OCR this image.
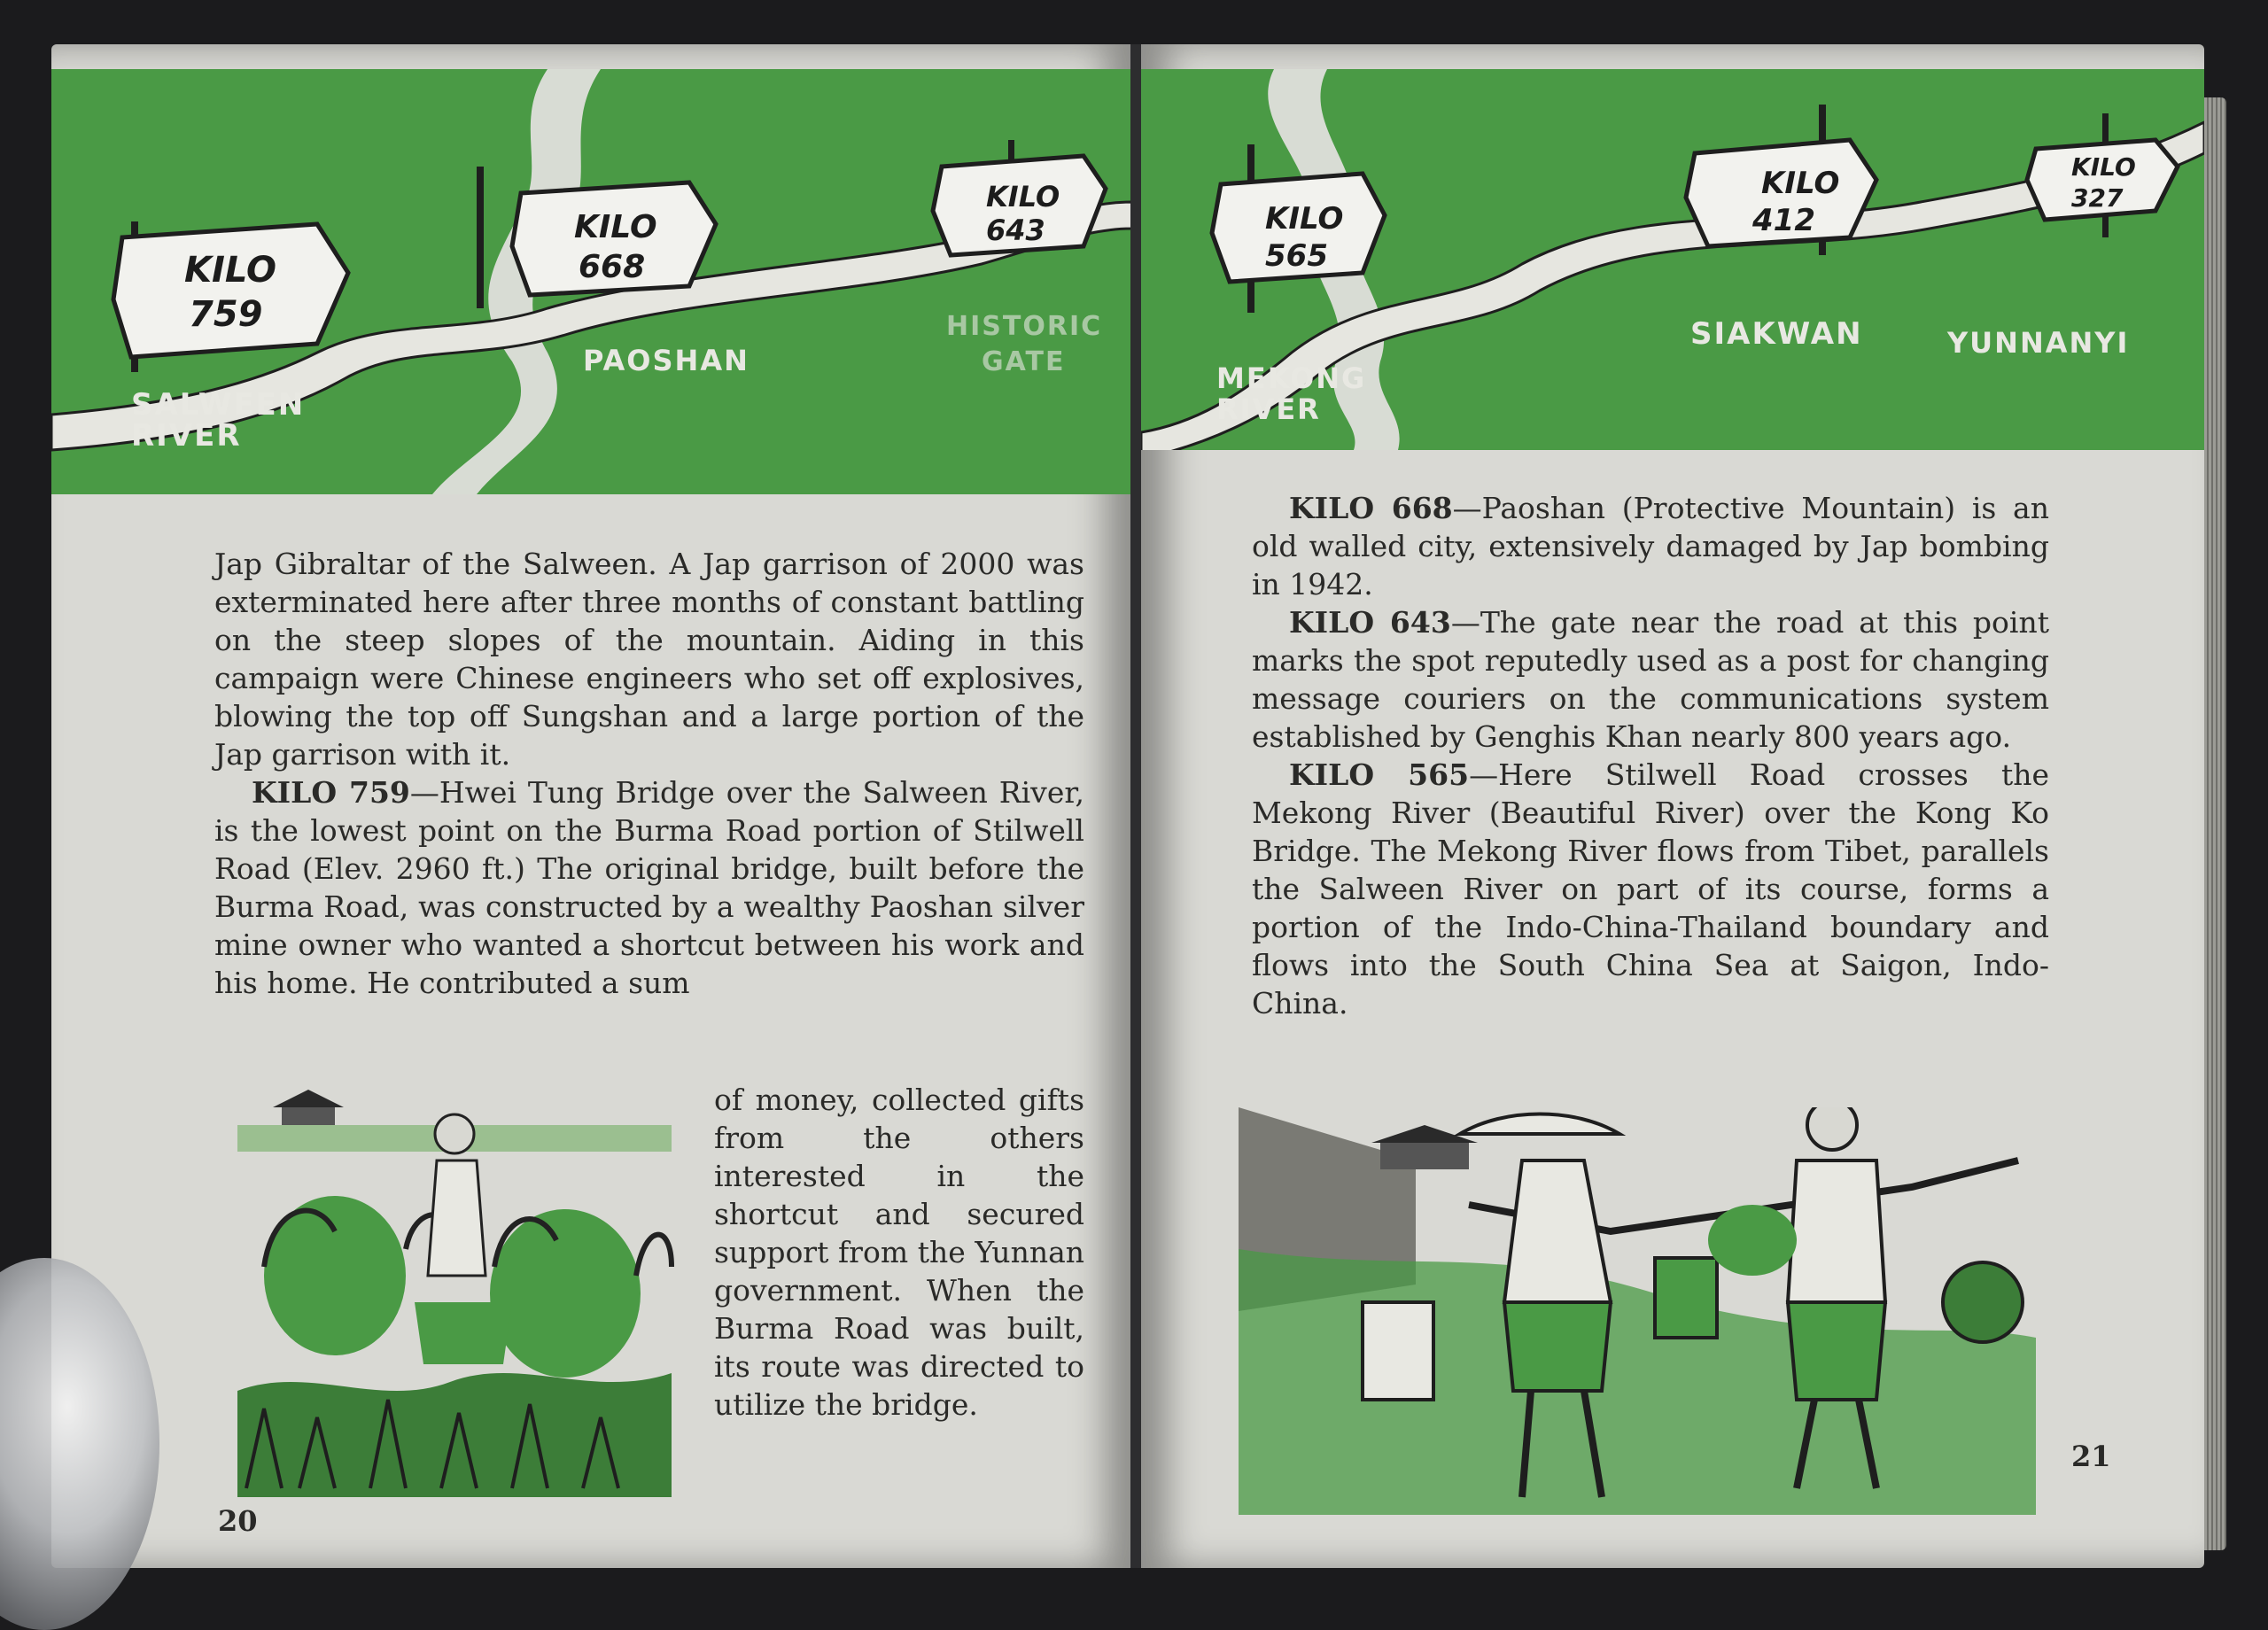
KILO
759
KILO
668
KILO
643
SALWEEN
RIVER
PAOSHAN
HISTORIC
GATE

Jap Gibraltar of the Salween. A Jap garrison of 2000 was exterminated here after three months of constant battling on the steep slopes of the mountain. Aiding in this campaign were Chinese engineers who set off explosives, blowing the top off Sungshan and a large portion of the Jap garrison with it.

KILO 759—Hwei Tung Bridge over the Salween River, is the lowest point on the Burma Road portion of Stilwell Road (Elev. 2960 ft.) The original bridge, built before the Burma Road, was constructed by a wealthy Paoshan silver mine owner who wanted a shortcut between his work and his home. He contributed a sum

of money, collected gifts from the others interested in the shortcut and secured support from the Yunnan government. When the Burma Road was built, its route was directed to utilize the bridge.

20
KILO
565
KILO
412
KILO
327
MEKONG
RIVER
SIAKWAN	YUNNANYI

KILO 668—Paoshan (Protective Mountain) is an old walled city, extensively damaged by Jap bombing in 1942.

KILO 643—The gate near the road at this point marks the spot reputedly used as a post for changing message couriers on the communications system established by Genghis Khan nearly 800 years ago.

KILO 565—Here Stilwell Road crosses the Mekong River (Beautiful River) over the Kong Ko Bridge. The Mekong River flows from Tibet, parallels the Salween River on part of its course, forms a portion of the Indo-China-Thailand boundary and flows into the South China Sea at Saigon, Indo-China.

21
